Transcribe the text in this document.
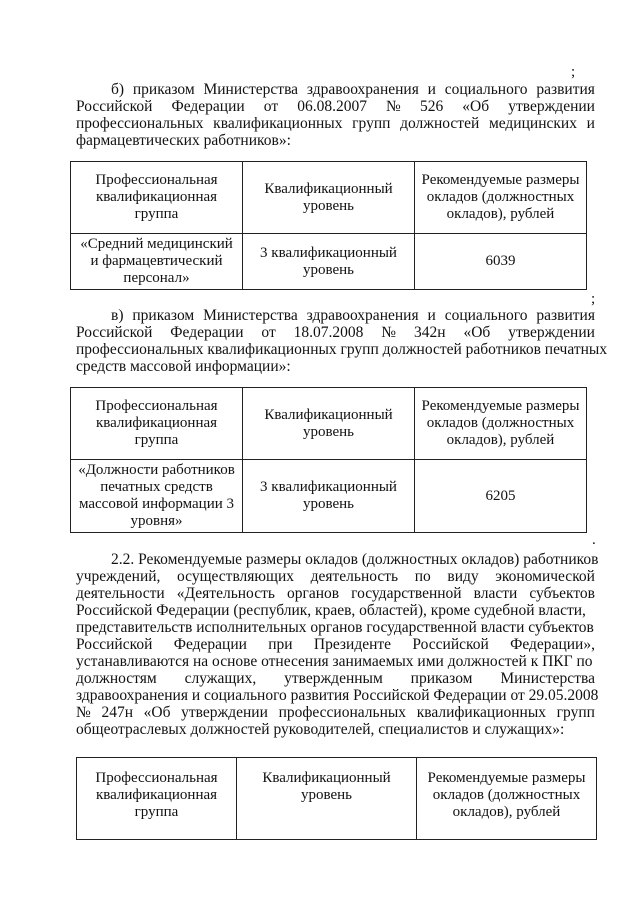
;
б) приказом Министерства здравоохранения и социального развития
Российской Федерации от 06.08.2007 № 526 «Об утверждении
профессиональных квалификационных групп должностей медицинских и
фармацевтических работников»:
Профессиональная квалификационная группа	Квалификационный уровень	Рекомендуемые размеры окладов (должностных окладов), рублей
«Средний медицинский и фармацевтический персонал»	3 квалификационный уровень	6039
;
в) приказом Министерства здравоохранения и социального развития
Российской Федерации от 18.07.2008 № 342н «Об утверждении
профессиональных квалификационных групп должностей работников печатных
средств массовой информации»:
Профессиональная квалификационная группа	Квалификационный уровень	Рекомендуемые размеры окладов (должностных окладов), рублей
«Должности работников печатных средств массовой информации 3 уровня»	3 квалификационный уровень	6205
.
2.2. Рекомендуемые размеры окладов (должностных окладов) работников
учреждений, осуществляющих деятельность по виду экономической
деятельности «Деятельность органов государственной власти субъектов
Российской Федерации (республик, краев, областей), кроме судебной власти,
представительств исполнительных органов государственной власти субъектов
Российской Федерации при Президенте Российской Федерации»,
устанавливаются на основе отнесения занимаемых ими должностей к ПКГ по
должностям служащих, утвержденным приказом Министерства
здравоохранения и социального развития Российской Федерации от 29.05.2008
№ 247н «Об утверждении профессиональных квалификационных групп
общеотраслевых должностей руководителей, специалистов и служащих»:
Профессиональная квалификационная группа	Квалификационный уровень	Рекомендуемые размеры окладов (должностных окладов), рублей
